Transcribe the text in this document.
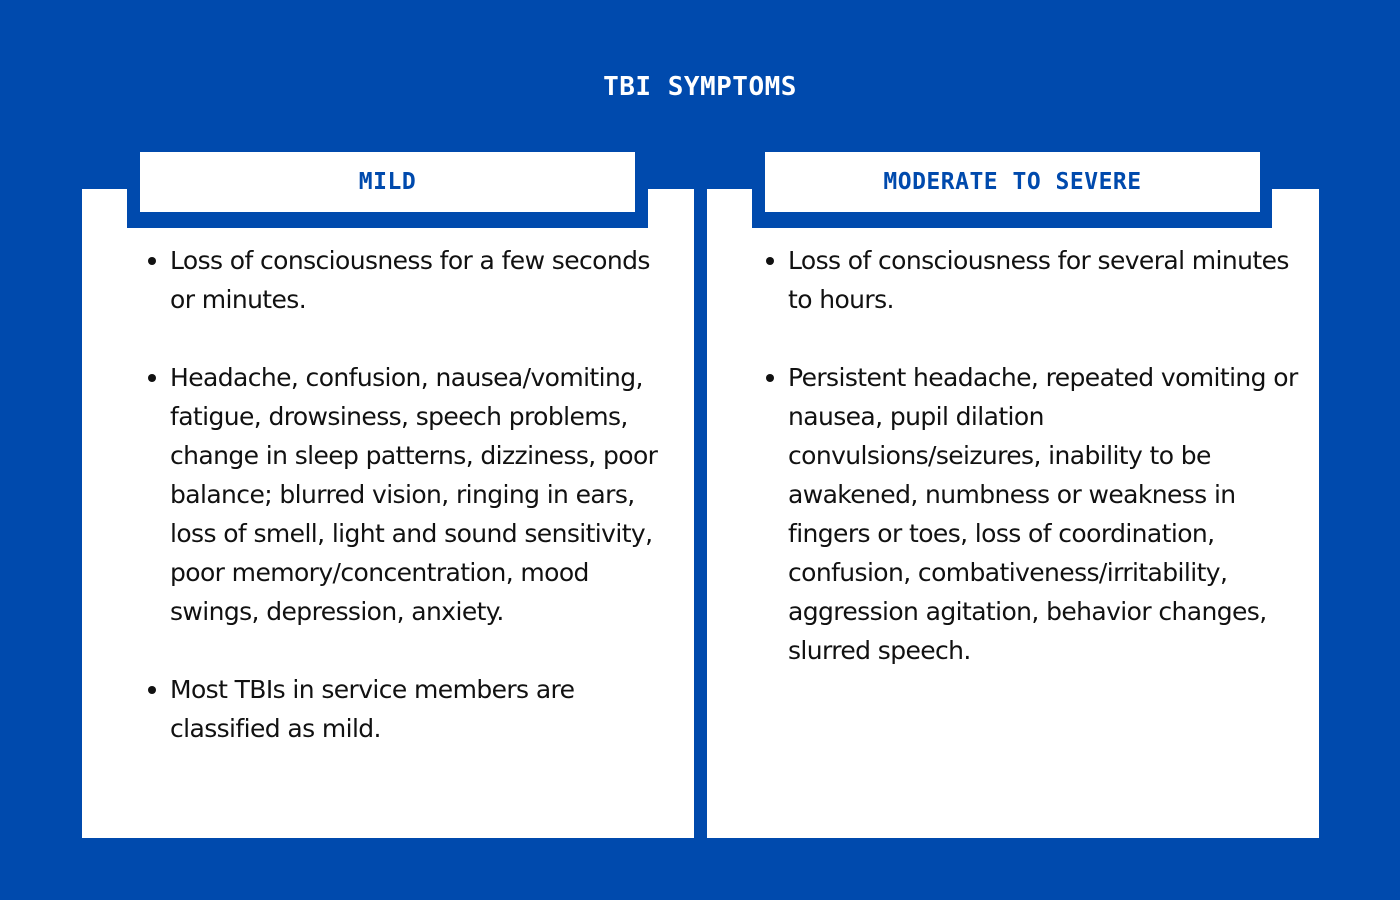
TBI SYMPTOMS
MILD	MODERATE TO SEVERE
Loss of consciousness for a few seconds or minutes.
Headache, confusion, nausea/vomiting, fatigue, drowsiness, speech problems, change in sleep patterns, dizziness, poor balance; blurred vision, ringing in ears, loss of smell, light and sound sensitivity, poor memory/concentration, mood swings, depression, anxiety.
Most TBIs in service members are classified as mild.
Loss of consciousness for several minutes to hours.
Persistent headache, repeated vomiting or nausea, pupil dilation convulsions/seizures, inability to be awakened, numbness or weakness in fingers or toes, loss of coordination, confusion, combativeness/irritability, aggression agitation, behavior changes, slurred speech.
